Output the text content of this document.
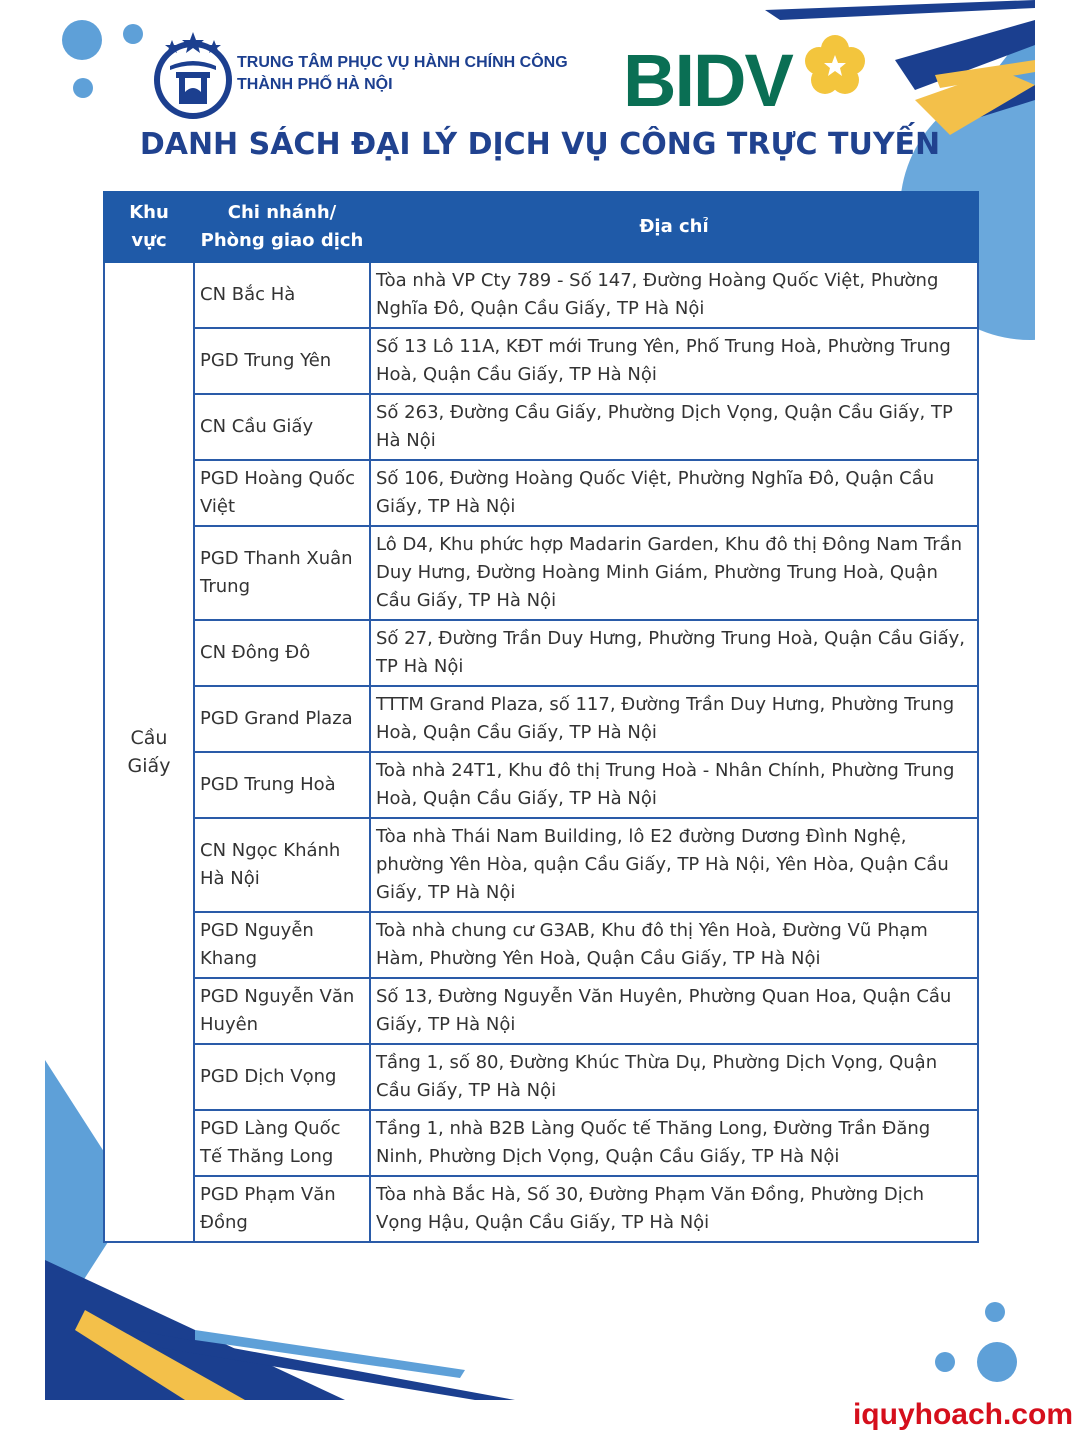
TRUNG TÂM PHỤC VỤ HÀNH CHÍNH CÔNG
THÀNH PHỐ HÀ NỘI	BIDV
DANH SÁCH ĐẠI LÝ DỊCH VỤ CÔNG TRỰC TUYẾN
Khu vực	Chi nhánh/ Phòng giao dịch	Địa chỉ
Cầu Giấy	CN Bắc Hà	Tòa nhà VP Cty 789 - Số 147, Đường Hoàng Quốc Việt, Phường Nghĩa Đô, Quận Cầu Giấy, TP Hà Nội
	PGD Trung Yên	Số 13 Lô 11A, KĐT mới Trung Yên, Phố Trung Hoà, Phường Trung Hoà, Quận Cầu Giấy, TP Hà Nội
	CN Cầu Giấy	Số 263, Đường Cầu Giấy, Phường Dịch Vọng, Quận Cầu Giấy, TP Hà Nội
	PGD Hoàng Quốc Việt	Số 106, Đường Hoàng Quốc Việt, Phường Nghĩa Đô, Quận Cầu Giấy, TP Hà Nội
	PGD Thanh Xuân Trung	Lô D4, Khu phức hợp Madarin Garden, Khu đô thị Đông Nam Trần Duy Hưng, Đường Hoàng Minh Giám, Phường Trung Hoà, Quận Cầu Giấy, TP Hà Nội
	CN Đông Đô	Số 27, Đường Trần Duy Hưng, Phường Trung Hoà, Quận Cầu Giấy, TP Hà Nội
	PGD Grand Plaza	TTTM Grand Plaza, số 117, Đường Trần Duy Hưng, Phường Trung Hoà, Quận Cầu Giấy, TP Hà Nội
	PGD Trung Hoà	Toà nhà 24T1, Khu đô thị Trung Hoà - Nhân Chính, Phường Trung Hoà, Quận Cầu Giấy, TP Hà Nội
	CN Ngọc Khánh Hà Nội	Tòa nhà Thái Nam Building, lô E2 đường Dương Đình Nghệ, phường Yên Hòa, quận Cầu Giấy, TP Hà Nội, Yên Hòa, Quận Cầu Giấy, TP Hà Nội
	PGD Nguyễn Khang	Toà nhà chung cư G3AB, Khu đô thị Yên Hoà, Đường Vũ Phạm Hàm, Phường Yên Hoà, Quận Cầu Giấy, TP Hà Nội
	PGD Nguyễn Văn Huyên	Số 13, Đường Nguyễn Văn Huyên, Phường Quan Hoa, Quận Cầu Giấy, TP Hà Nội
	PGD Dịch Vọng	Tầng 1, số 80, Đường Khúc Thừa Dụ, Phường Dịch Vọng, Quận Cầu Giấy, TP Hà Nội
	PGD Làng Quốc Tế Thăng Long	Tầng 1, nhà B2B Làng Quốc tế Thăng Long, Đường Trần Đăng Ninh, Phường Dịch Vọng, Quận Cầu Giấy, TP Hà Nội
	PGD Phạm Văn Đồng	Tòa nhà Bắc Hà, Số 30, Đường Phạm Văn Đồng, Phường Dịch Vọng Hậu, Quận Cầu Giấy, TP Hà Nội
iquyhoach.com
